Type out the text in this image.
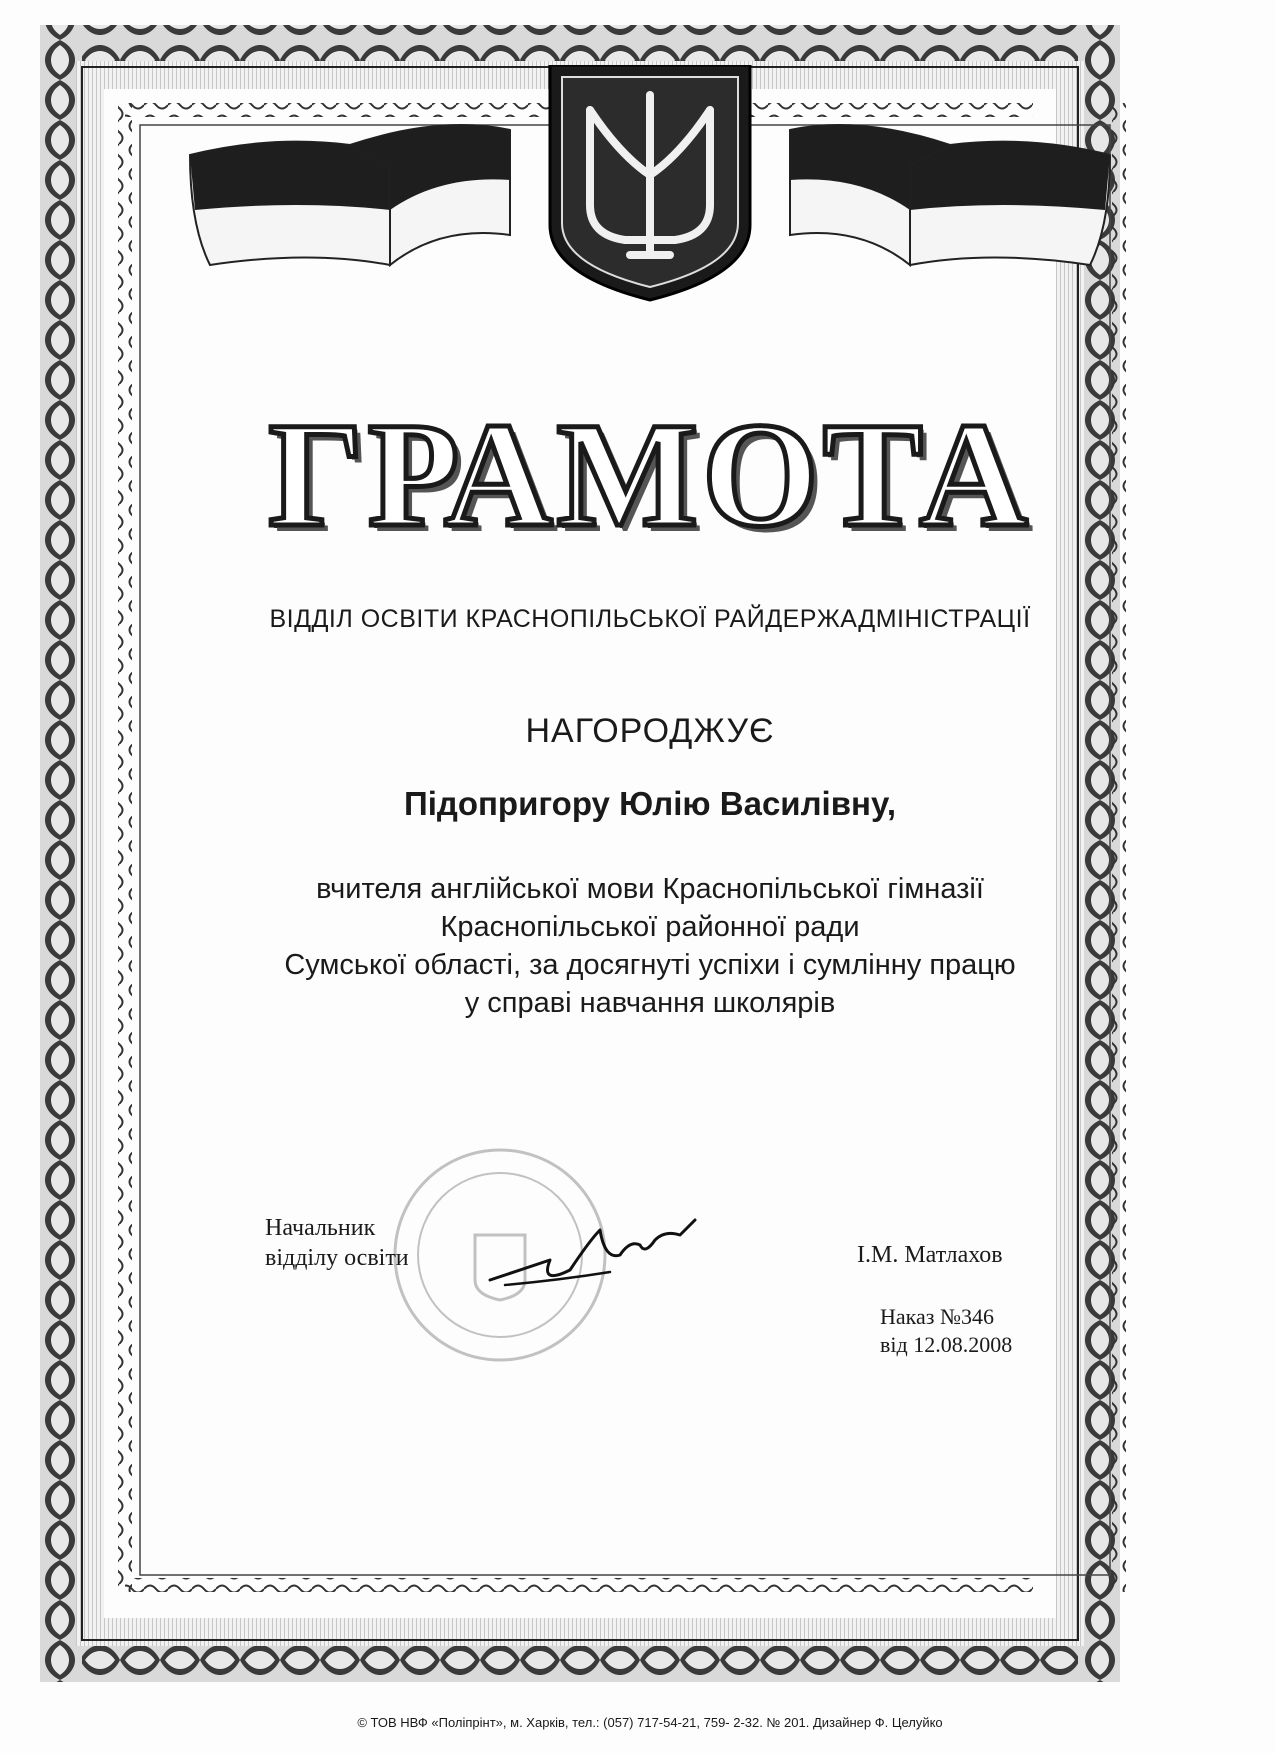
ГРАМОТА
ВІДДІЛ ОСВІТИ КРАСНОПІЛЬСЬКОЇ РАЙДЕРЖАДМІНІСТРАЦІЇ
НАГОРОДЖУЄ
Підопригору Юлію Василівну,
вчителя англійської мови Краснопільської гімназії
Краснопільської районної ради
Сумської області, за досягнуті успіхи і сумлінну працю
у справі навчання школярів
Начальник
відділу освіти	І.М. Матлахов
Наказ №346
від 12.08.2008
© ТОВ НВФ «Поліпрінт», м. Харків, тел.: (057) 717-54-21, 759- 2-32. № 201. Дизайнер Ф. Целуйко
